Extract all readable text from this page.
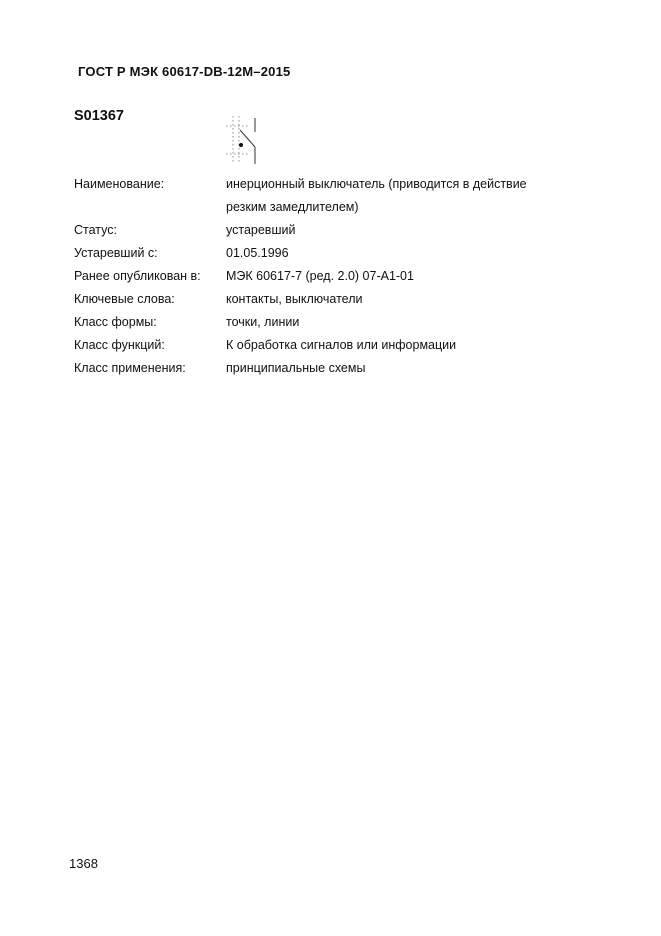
ГОСТ Р МЭК 60617-DB-12M–2015
S01367
Наименование:	инерционный выключатель (приводится в действие
резким замедлителем)
Статус:	устаревший
Устаревший с:	01.05.1996
Ранее опубликован в:	МЭК 60617-7 (ред. 2.0) 07-А1-01
Ключевые слова:	контакты, выключатели
Класс формы:	точки, линии
Класс функций:	К обработка сигналов или информации
Класс применения:	принципиальные схемы
1368
